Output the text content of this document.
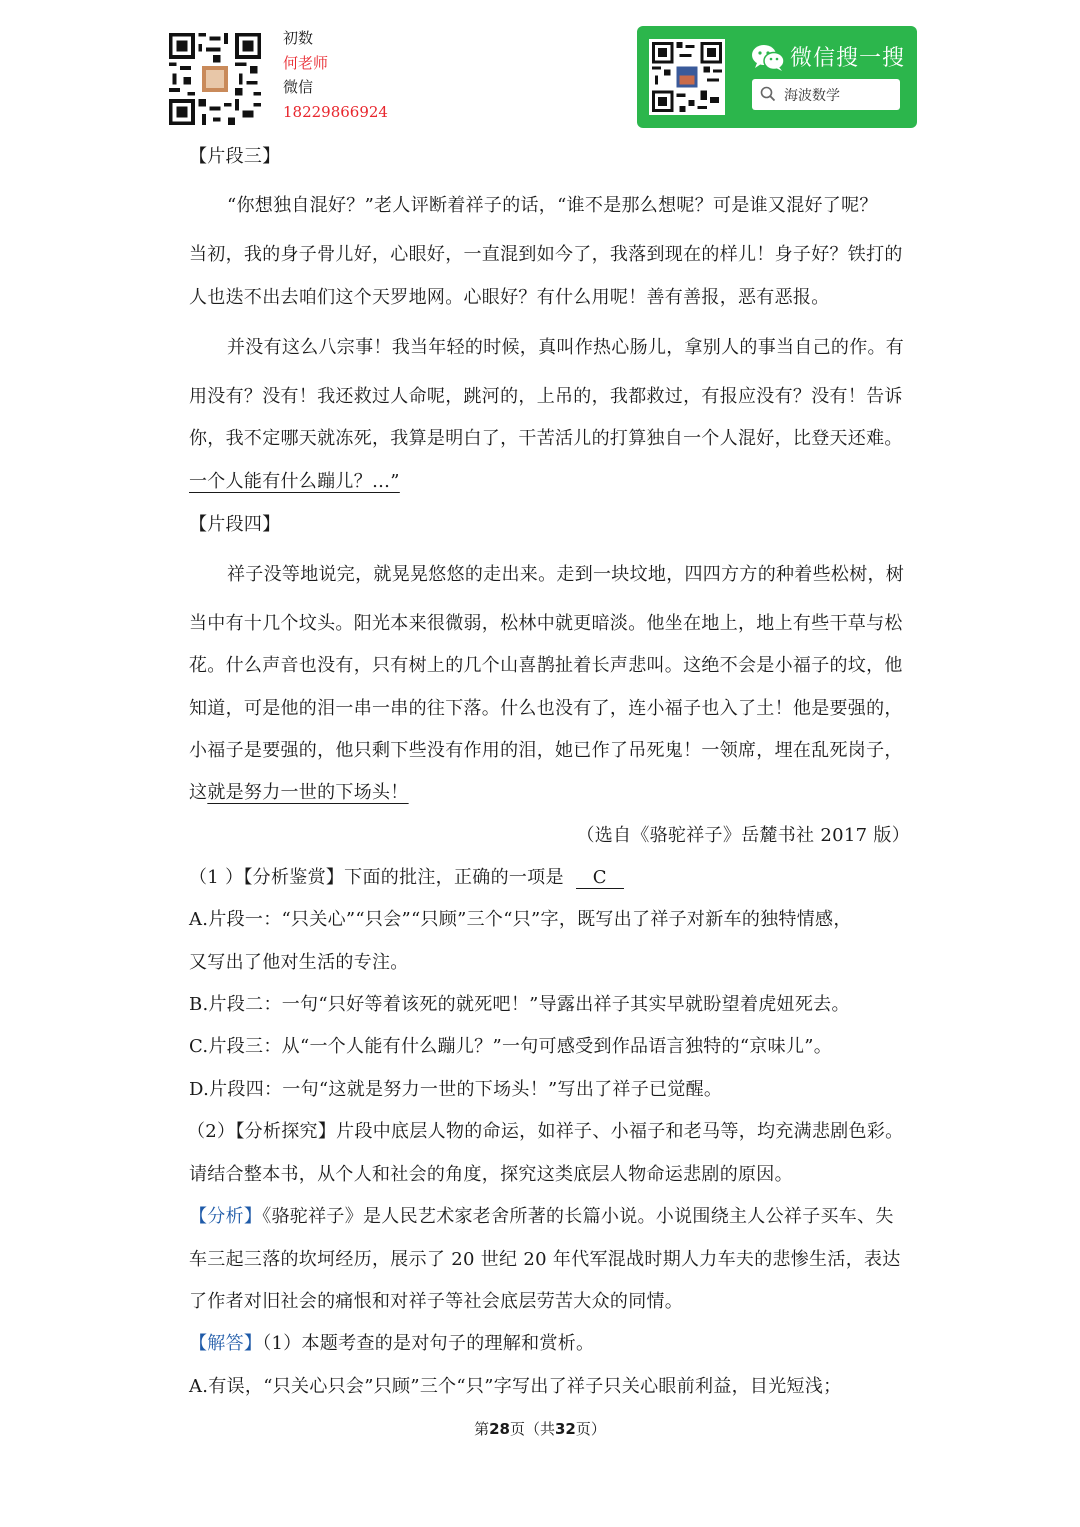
初数
何老师
微信
18229866924
微信搜一搜
海波数学
【片段三】
“你想独自混好？”老人评断着祥子的话，“谁不是那么想呢？可是谁又混好了呢？
当初，我的身子骨儿好，心眼好，一直混到如今了，我落到现在的样儿！身子好？铁打的
人也迭不出去咱们这个天罗地网。心眼好？有什么用呢！善有善报，恶有恶报。
并没有这么八宗事！我当年轻的时候，真叫作热心肠儿，拿别人的事当自己的作。有
用没有？没有！我还救过人命呢，跳河的，上吊的，我都救过，有报应没有？没有！告诉
你，我不定哪天就冻死，我算是明白了，干苦活儿的打算独自一个人混好，比登天还难。
一个人能有什么蹦儿？…”
【片段四】
祥子没等地说完，就晃晃悠悠的走出来。走到一块坟地，四四方方的种着些松树，树
当中有十几个坟头。阳光本来很微弱，松林中就更暗淡。他坐在地上，地上有些干草与松
花。什么声音也没有，只有树上的几个山喜鹊扯着长声悲叫。这绝不会是小福子的坟，他
知道，可是他的泪一串一串的往下落。什么也没有了，连小福子也入了土！他是要强的，
小福子是要强的，他只剩下些没有作用的泪，她已作了吊死鬼！一领席，埋在乱死岗子，
这就是努力一世的下场头！
（选自《骆驼祥子》岳麓书社 2017 版）
（1 ）【分析鉴赏】下面的批注，正确的一项是 C
A.片段一：“只关心”“只会”“只顾”三个“只”字，既写出了祥子对新车的独特情感，
又写出了他对生活的专注。
B.片段二：一句“只好等着该死的就死吧！”导露出祥子其实早就盼望着虎妞死去。
C.片段三：从“一个人能有什么蹦儿？”一句可感受到作品语言独特的“京味儿”。
D.片段四：一句“这就是努力一世的下场头！”写出了祥子已觉醒。
（2）【分析探究】片段中底层人物的命运，如祥子、小福子和老马等，均充满悲剧色彩。
请结合整本书，从个人和社会的角度，探究这类底层人物命运悲剧的原因。
【分析】《骆驼祥子》是人民艺术家老舍所著的长篇小说。小说围绕主人公祥子买车、失
车三起三落的坎坷经历，展示了 20 世纪 20 年代军混战时期人力车夫的悲惨生活，表达
了作者对旧社会的痛恨和对祥子等社会底层劳苦大众的同情。
【解答】（1）本题考查的是对句子的理解和赏析。
A.有误，“只关心只会”只顾”三个“只”字写出了祥子只关心眼前利益，目光短浅；
第28页（共32页）
